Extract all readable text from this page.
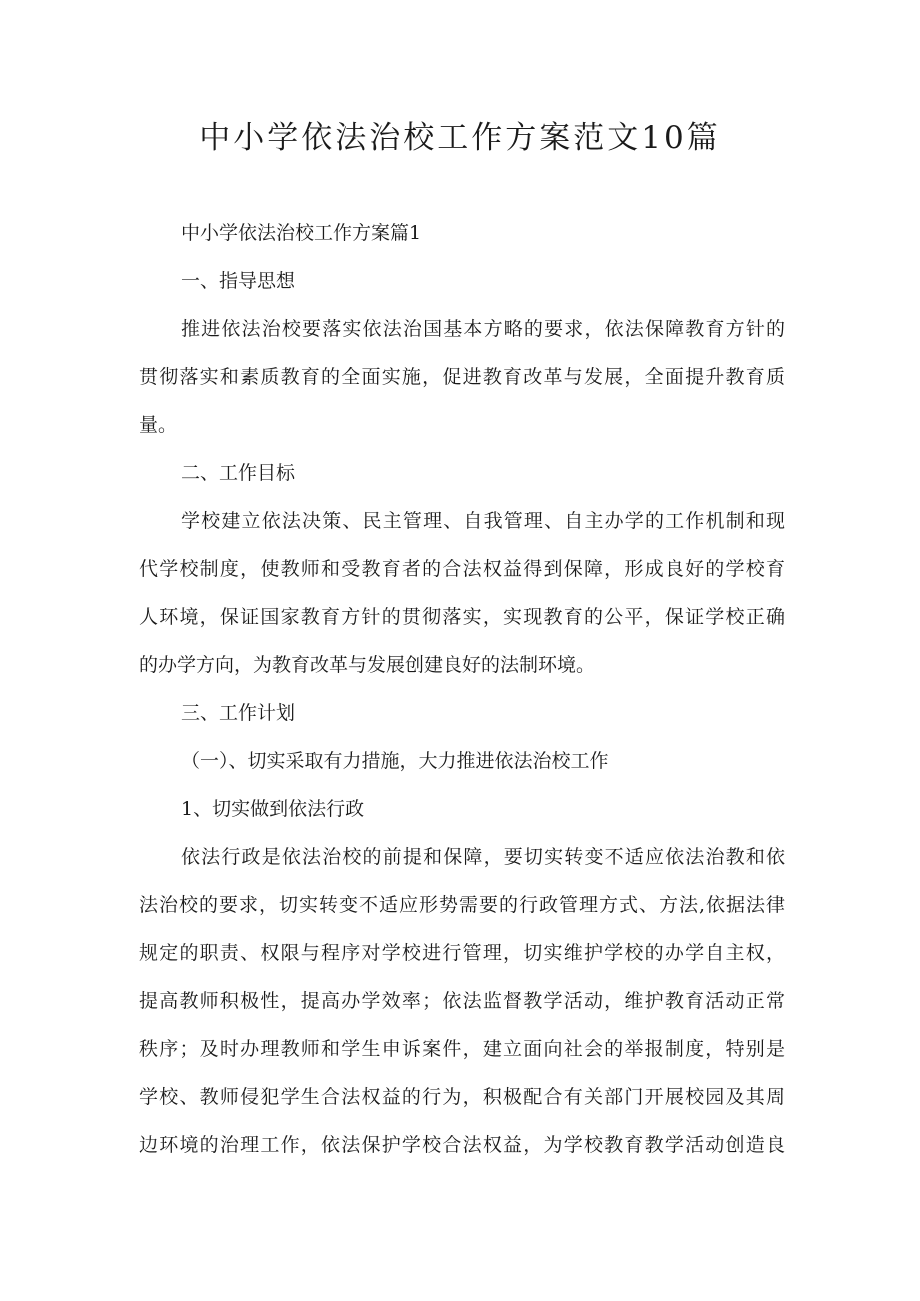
中小学依法治校工作方案范文10篇

中小学依法治校工作方案篇1

一、指导思想

推进依法治校要落实依法治国基本方略的要求，依法保障教育方针的

贯彻落实和素质教育的全面实施，促进教育改革与发展，全面提升教育质

量。

二、工作目标

学校建立依法决策、民主管理、自我管理、自主办学的工作机制和现

代学校制度，使教师和受教育者的合法权益得到保障，形成良好的学校育

人环境，保证国家教育方针的贯彻落实，实现教育的公平，保证学校正确

的办学方向，为教育改革与发展创建良好的法制环境。

三、工作计划

（一）、切实采取有力措施，大力推进依法治校工作

1、切实做到依法行政

依法行政是依法治校的前提和保障，要切实转变不适应依法治教和依

法治校的要求，切实转变不适应形势需要的行政管理方式、方法,依据法律

规定的职责、权限与程序对学校进行管理，切实维护学校的办学自主权，

提高教师积极性，提高办学效率；依法监督教学活动，维护教育活动正常

秩序；及时办理教师和学生申诉案件，建立面向社会的举报制度，特别是

学校、教师侵犯学生合法权益的行为，积极配合有关部门开展校园及其周

边环境的治理工作，依法保护学校合法权益，为学校教育教学活动创造良
